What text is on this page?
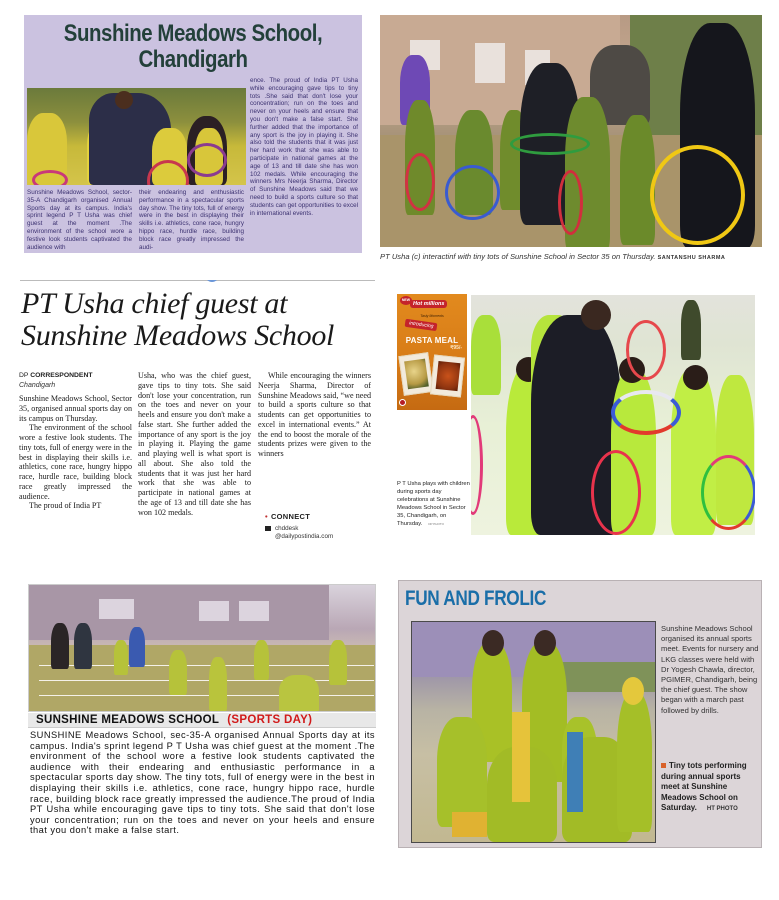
Sunshine Meadows School, Chandigarh
ence. The proud of India PT Usha while encouraging gave tips to tiny tots .She said that don't lose your concentration; run on the toes and never on your heels and ensure that you don't make a false start. She further added that the importance of any sport is the joy in playing it. She also told the students that it was just her hard work that she was able to participate in national games at the age of 13 and till date she has won 102 medals. While encouraging the winners Mrs Neerja Sharma, Director of Sunshine Meadows said that we need to build a sports culture so that students can get opportunities to excel in international events.
Sunshine Meadows School, sector-35-A Chandigarh organised Annual Sports day at its campus. India's sprint legend P T Usha was chief guest at the moment .The environment of the school wore a festive look students captivated the audience with
their endearing and enthusiastic performance in a spectacular sports day show. The tiny tots, full of energy were in the best in displaying their skills i.e. athletics, cone race, hungry hippo race, hurdle race, building block race greatly impressed the audi-
PT Usha (c) interactinf with tiny tots of Sunshine School in Sector 35 on Thursday. SANTANSHU SHARMA
PT Usha chief guest at
Sunshine Meadows School
DP CORRESPONDENT
Chandigarh

Sunshine Meadows School, Sector 35, organised annual sports day on its campus on Thursday.

The environment of the school wore a festive look students. The tiny tots, full of energy were in the best in displaying their skills i.e. athletics, cone race, hungry hippo race, hurdle race, building block race greatly impressed the audience.

The proud of India PT

Usha, who was the chief guest, gave tips to tiny tots. She said don't lose your concentration, run on the toes and never on your heels and ensure you don't make a false start. She further added the importance of any sport is the joy in playing it. Playing the game and playing well is what sport is all about. She also told the students that it was just her hard work that she was able to participate in national games at the age of 13 and till date she has won 102 medals.

While encouraging the winners Neerja Sharma, Director of Sunshine Meadows said, “we need to build a sports culture so that students can get opportunities to excel in international events.” At the end to boost the morale of the students prizes were given to the winners

• CONNECT
chddesk
@dailypostindia.com
NEW
Hot millions
Tasty Moments
introducing
PASTA MEAL
₹95/-
P T Usha plays with children during sports day celebrations at Sunshine Meadows School in Sector 35, Chandigarh, on Thursday. DP PHOTO
SUNSHINE MEADOWS SCHOOL (SPORTS DAY)
SUNSHINE Meadows School, sec-35-A organised Annual Sports day at its campus. India's sprint legend P T Usha was chief guest at the moment .The environment of the school wore a festive look students captivated the audience with their endearing and enthusiastic performance in a spectacular sports day show. The tiny tots, full of energy were in the best in displaying their skills i.e. athletics, cone race, hungry hippo race, hurdle race, building block race greatly impressed the audience.The proud of India PT Usha while encouraging gave tips to tiny tots. She said that don't lose your concentration; run on the toes and never on your heels and ensure that you don't make a false start.
FUN AND FROLIC
Sunshine Meadows School organised its annual sports meet. Events for nursery and LKG classes were held with Dr Yogesh Chawla, director, PGIMER, Chandigarh, being the chief guest. The show began with a march past followed by drills.
Tiny tots performing during annual sports meet at Sunshine Meadows School on Saturday. HT PHOTO
